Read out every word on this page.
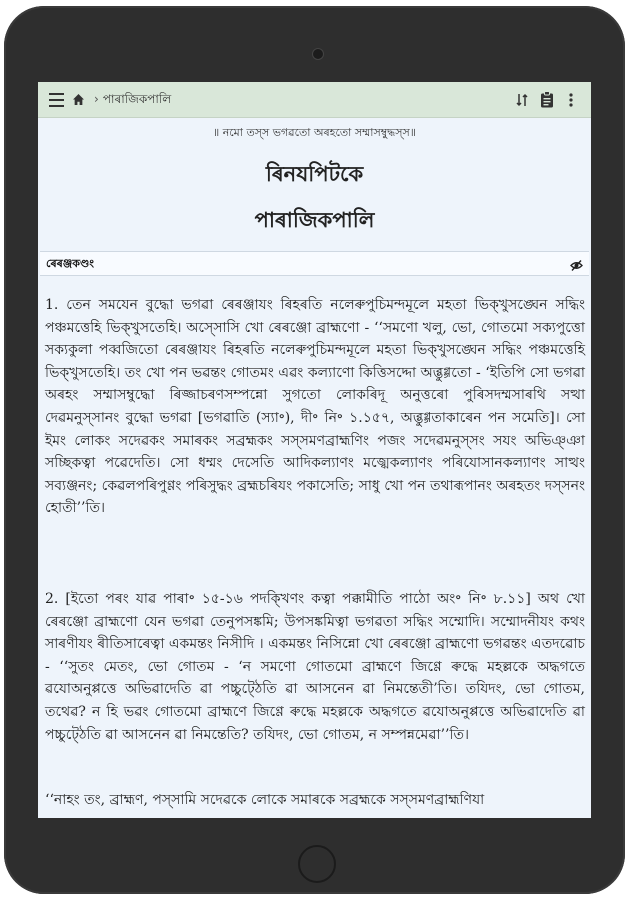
› পাৰাজিকপালি
॥ নমো তস্স ভগৱতো অৰহতো সম্মাসম্বুদ্ধস্স॥
ৰিনযপিটকে
পাৰাজিকপালি
ৰেৰঞ্জকণ্ডং

1. তেন সমযেন বুদ্ধো ভগৱা ৰেৰঞ্জাযং ৰিহৰতি নলেৰুপুচিমন্দমূলে মহতা ভিক্খুসঙ্ঘেন সদ্ধিং পঞ্চমত্তেহি ভিক্খুসতেহি। অস্সোসি খো ৰেৰঞ্জো ব্ৰাহ্মণো - ‘‘সমণো খলু, ভো, গোতমো সক্যপুত্তো সক্যকুলা পব্বজিতো ৰেৰঞ্জাযং ৰিহৰতি নলেৰুপুচিমন্দমূলে মহতা ভিক্খুসঙ্ঘেন সদ্ধিং পঞ্চমত্তেহি ভিক্খুসতেহি। তং খো পন ভৱন্তং গোতমং এৱং কল্যাণো কিত্তিসদ্দো অব্ভুগ্গতো - ‘ইতিপি সো ভগৱা অৰহং সম্মাসম্বুদ্ধো ৰিজ্জাচৰণসম্পন্নো সুগতো লোকৰিদূ অনুত্তৰো পুৰিসদম্মসাৰথি সত্থা দেৱমনুস্সানং বুদ্ধো ভগৱা [ভগৱাতি (স্যা॰), দী॰ নি॰ ১.১৫৭, অব্ভুগ্গতাকাৰেন পন সমেতি]। সো ইমং লোকং সদেৱকং সমাৰকং সব্ৰহ্মকং সস্সমণব্ৰাহ্মণিং পজং সদেৱমনুস্সং সযং অভিঞ্ঞা সচ্ছিকত্বা পৱেদেতি। সো ধম্মং দেসেতি আদিকল্যাণং মজ্ঝেকল্যাণং পৰিযোসানকল্যাণং সাত্থং সব্যঞ্জনং; কেৱলপৰিপুণ্ণং পৰিসুদ্ধং ব্ৰহ্মচৰিযং পকাসেতি; সাধু খো পন তথাৰূপানং অৰহতং দস্সনং হোতী’’তি।

2. [ইতো পৰং যাৱ পাৰা॰ ১৫-১৬ পদক্খিণং কত্বা পক্কামীতি পাঠো অং॰ নি॰ ৮.১১] অথ খো ৰেৰঞ্জো ব্ৰাহ্মণো যেন ভগৱা তেনুপসঙ্কমি; উপসঙ্কমিত্বা ভগৱতা সদ্ধিং সম্মোদি। সম্মোদনীযং কথং সাৰণীযং ৰীতিসাৰেত্বা একমন্তং নিসীদি । একমন্তং নিসিন্নো খো ৰেৰঞ্জো ব্ৰাহ্মণো ভগৱন্তং এতদৱোচ - ‘‘সুতং মেতং, ভো গোতম - ‘ন সমণো গোতমো ব্ৰাহ্মণে জিণ্ণে ৰুদ্ধে মহল্লকে অদ্ধগতে ৱযোঅনুপ্পত্তে অভিৱাদেতি ৱা পচ্চুট্ঠেতি ৱা আসনেন ৱা নিমন্তেতী’তি। তযিদং, ভো গোতম, তথেৱ? ন হি ভৱং গোতমো ব্ৰাহ্মণে জিণ্ণে ৰুদ্ধে মহল্লকে অদ্ধগতে ৱযোঅনুপ্পত্তে অভিৱাদেতি ৱা পচ্চুট্ঠেতি ৱা আসনেন ৱা নিমন্তেতি? তযিদং, ভো গোতম, ন সম্পন্নমেৱা’’তি।

‘‘নাহং তং, ব্ৰাহ্মণ, পস্সামি সদেৱকে লোকে সমাৰকে সব্ৰহ্মকে সস্সমণব্ৰাহ্মণিযা
